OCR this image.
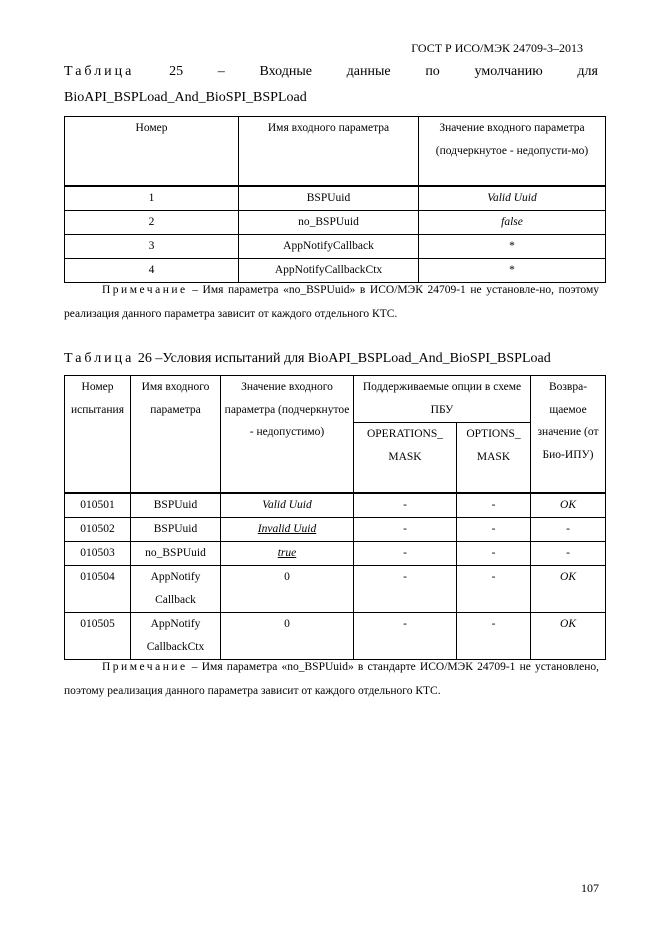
ГОСТ Р ИСО/МЭК 24709-3–2013
Таблица 25 – Входные данные по умолчанию для
BioAPI_BSPLoad_And_BioSPI_BSPLoad
Номер	Имя входного параметра	Значение входного параметра (подчеркнутое - недопусти-мо)
1	BSPUuid	Valid Uuid
2	no_BSPUuid	false
3	AppNotifyCallback	*
4	AppNotifyCallbackCtx	*
Примечание – Имя параметра «no_BSPUuid» в ИСО/МЭК 24709-1 не установле-но, поэтому реализация данного параметра зависит от каждого отдельного КТС.
Таблица 26 –Условия испытаний для BioAPI_BSPLoad_And_BioSPI_BSPLoad
Номер испытания	Имя входного параметра	Значение входного параметра (подчеркнутое - недопустимо)	Поддерживаемые опции в схеме ПБУ		Возвра-щаемое значение (от Био-ИПУ)
			OPERATIONS_ MASK	OPTIONS_ MASK	
010501	BSPUuid	Valid Uuid	-	-	OK
010502	BSPUuid	Invalid Uuid	-	-	-
010503	no_BSPUuid	true	-	-	-
010504	AppNotify Callback	0	-	-	OK
010505	AppNotify CallbackCtx	0	-	-	OK
Примечание – Имя параметра «no_BSPUuid» в стандарте ИСО/МЭК 24709-1 не установлено, поэтому реализация данного параметра зависит от каждого отдельного КТС.
107
